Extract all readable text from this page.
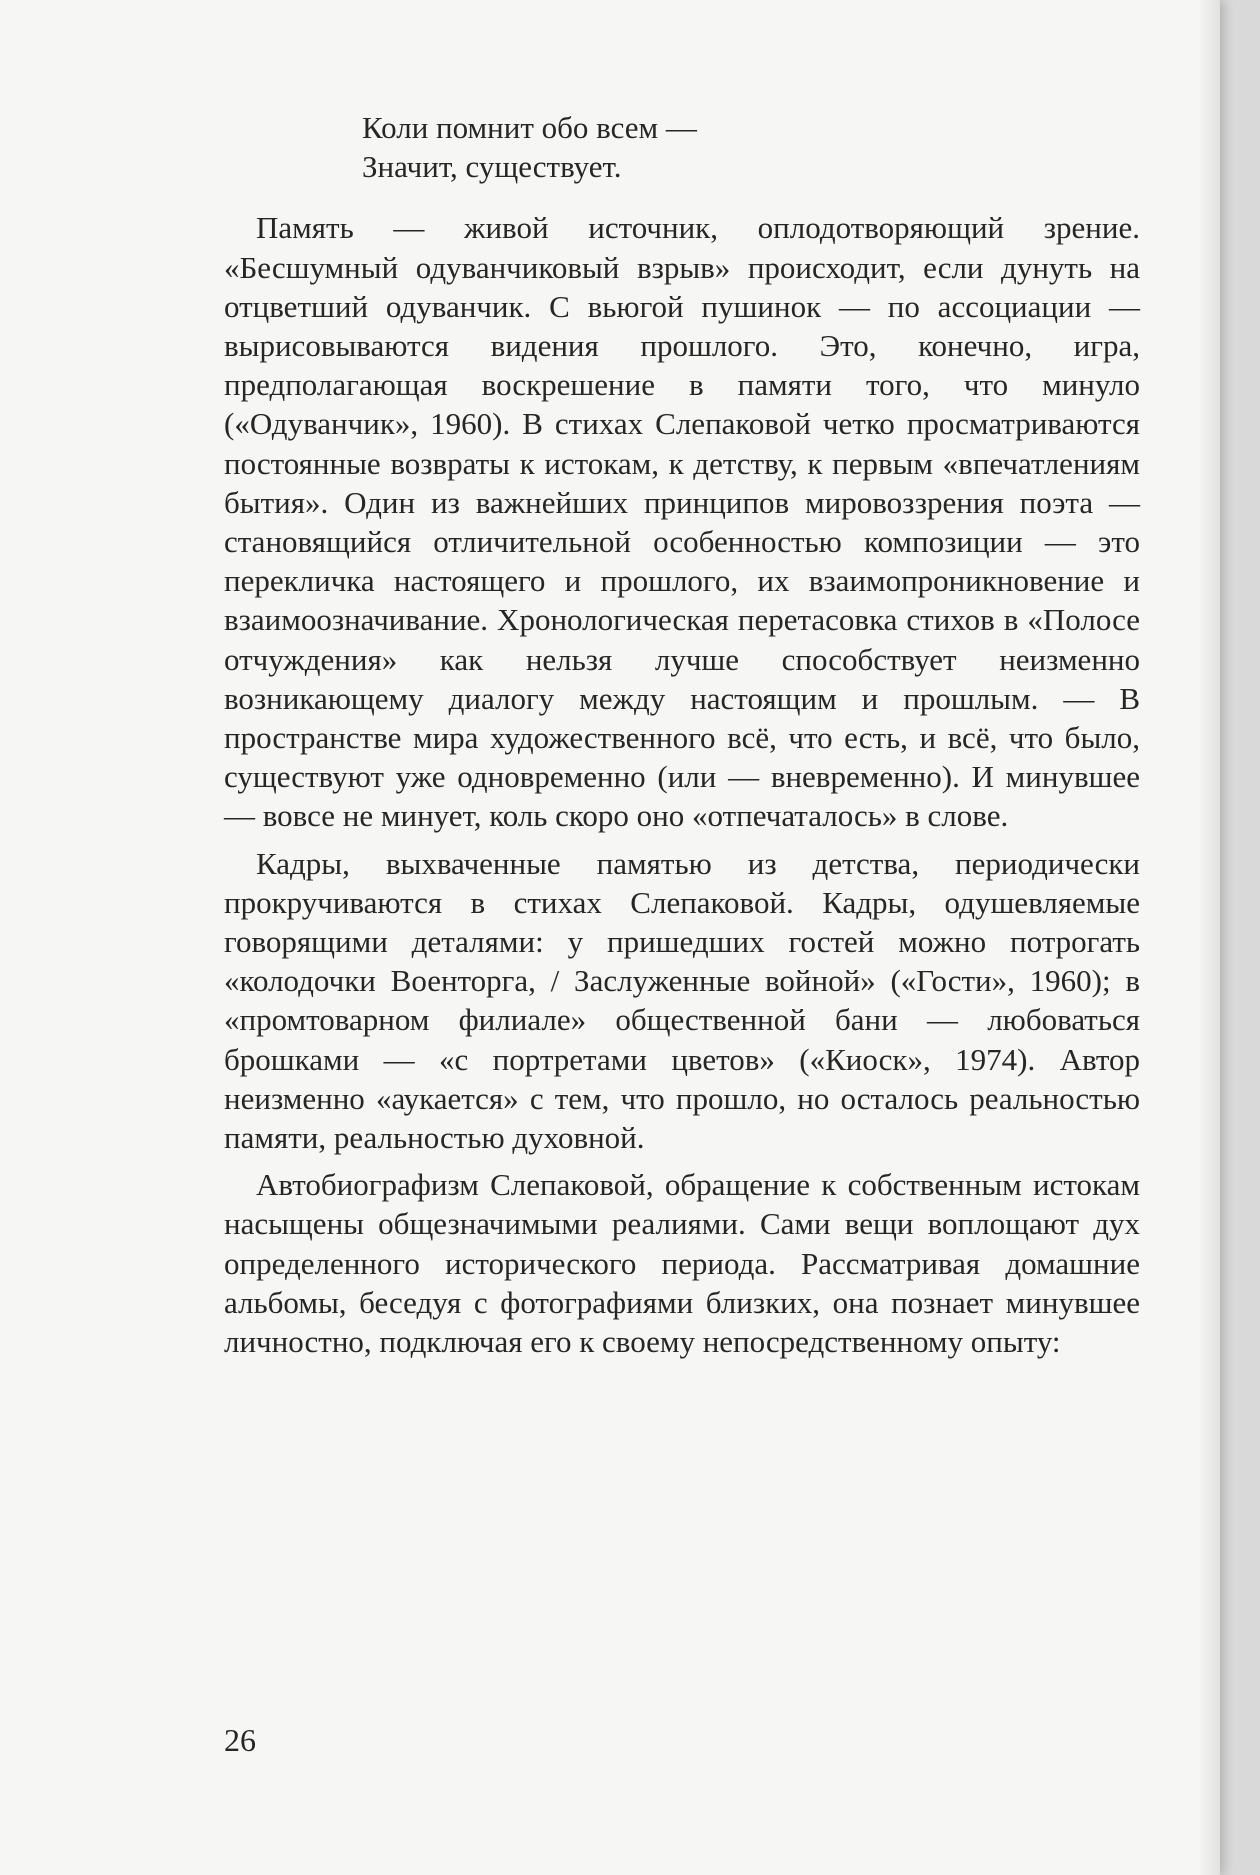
Коли помнит обо всем —
Значит, существует.

Память — живой источник, оплодотворяющий зрение. «Бесшумный одуванчиковый взрыв» происходит, если дунуть на отцветший одуванчик. С вьюгой пушинок — по ассоциации — вырисовываются видения прошлого. Это, конечно, игра, предполагающая воскрешение в памяти того, что минуло («Одуванчик», 1960). В стихах Слепаковой четко просматриваются постоянные возвраты к истокам, к детству, к первым «впечатлениям бытия». Один из важнейших принципов мировоззрения поэта — становящийся отличительной особенностью композиции — это перекличка настоящего и прошлого, их взаимопроникновение и взаимоозначивание. Хронологическая перетасовка стихов в «Полосе отчуждения» как нельзя лучше способствует неизменно возникающему диалогу между настоящим и прошлым. — В пространстве мира художественного всё, что есть, и всё, что было, существуют уже одновременно (или — вневременно). И минувшее — вовсе не минует, коль скоро оно «отпечаталось» в слове.

Кадры, выхваченные памятью из детства, периодически прокручиваются в стихах Слепаковой. Кадры, одушевляемые говорящими деталями: у пришедших гостей можно потрогать «колодочки Военторга, / Заслуженные войной» («Гости», 1960); в «промтоварном филиале» общественной бани — любоваться брошками — «с портретами цветов» («Киоск», 1974). Автор неизменно «аукается» с тем, что прошло, но осталось реальностью памяти, реальностью духовной.

Автобиографизм Слепаковой, обращение к собственным истокам насыщены общезначимыми реалиями. Сами вещи воплощают дух определенного исторического периода. Рассматривая домашние альбомы, беседуя с фотографиями близких, она познает минувшее личностно, подключая его к своему непосредственному опыту:

26
